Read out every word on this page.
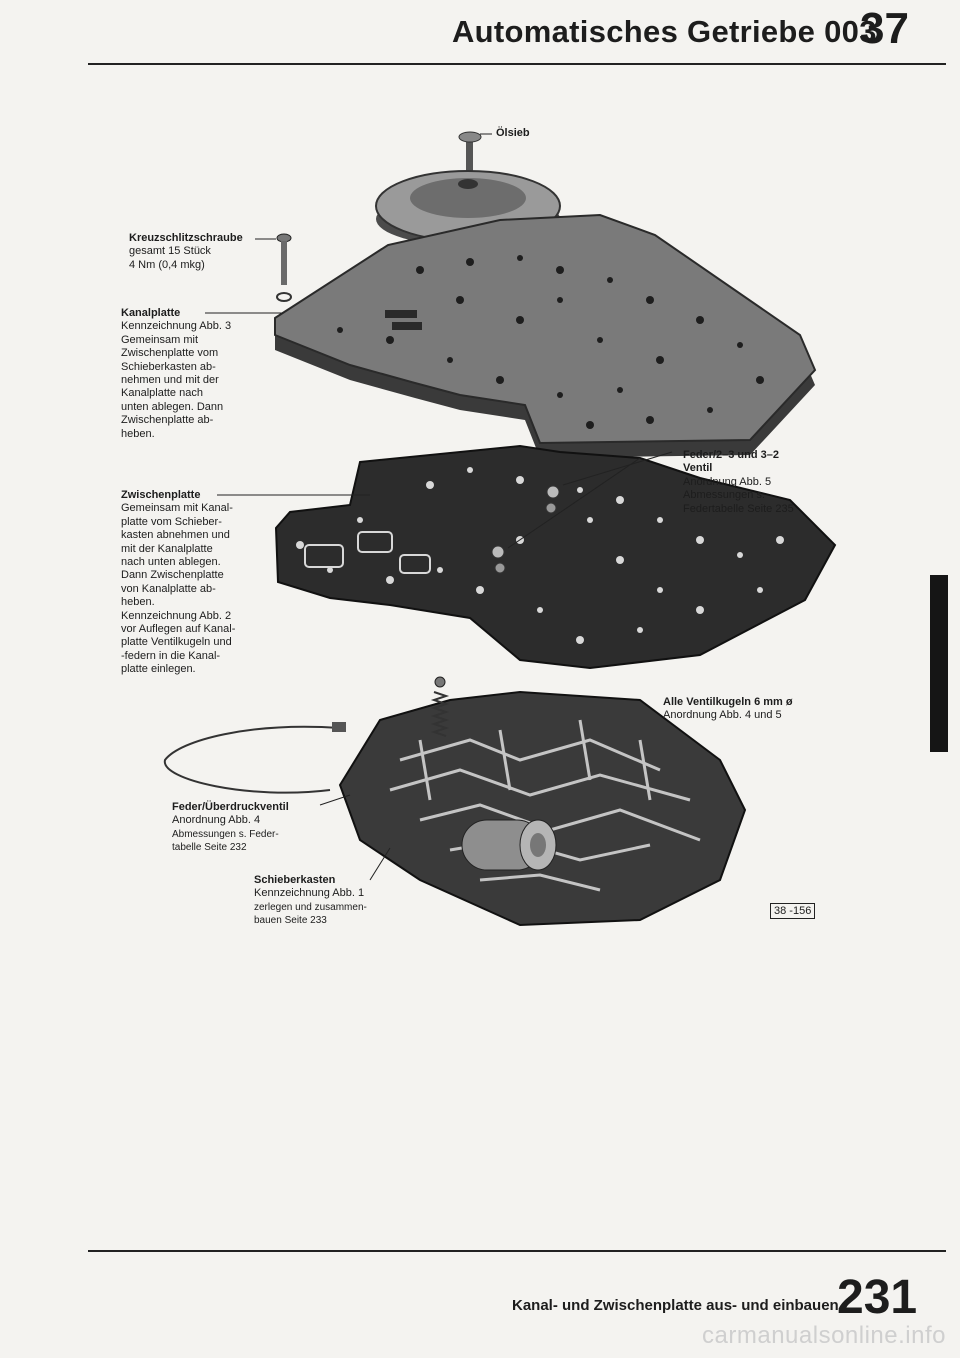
Automatisches Getriebe 003
37
Ölsieb
Kreuzschlitzschraube
gesamt 15 Stück
4 Nm (0,4 mkg)
Kanalplatte
Kennzeichnung Abb. 3
Gemeinsam mit
Zwischenplatte vom
Schieberkasten ab-
nehmen und mit der
Kanalplatte nach
unten ablegen. Dann
Zwischenplatte ab-
heben.
Zwischenplatte
Gemeinsam mit Kanal-
platte vom Schieber-
kasten abnehmen und
mit der Kanalplatte
nach unten ablegen.
Dann Zwischenplatte
von Kanalplatte ab-
heben.
Kennzeichnung Abb. 2
vor Auflegen auf Kanal-
platte Ventilkugeln und
-federn in die Kanal-
platte einlegen.
Feder/2–3 und 3–2
Ventil
Anordnung Abb. 5
Abmessungen s.
Federtabelle Seite 235
Alle Ventilkugeln 6 mm ø
Anordnung Abb. 4 und 5
Feder/Überdruckventil
Anordnung Abb. 4
Abmessungen s. Feder-
tabelle Seite 232
Schieberkasten
Kennzeichnung Abb. 1
zerlegen und zusammen-
bauen Seite 233
38 -156
Kanal- und Zwischenplatte aus- und einbauen
231
carmanualsonline.info
